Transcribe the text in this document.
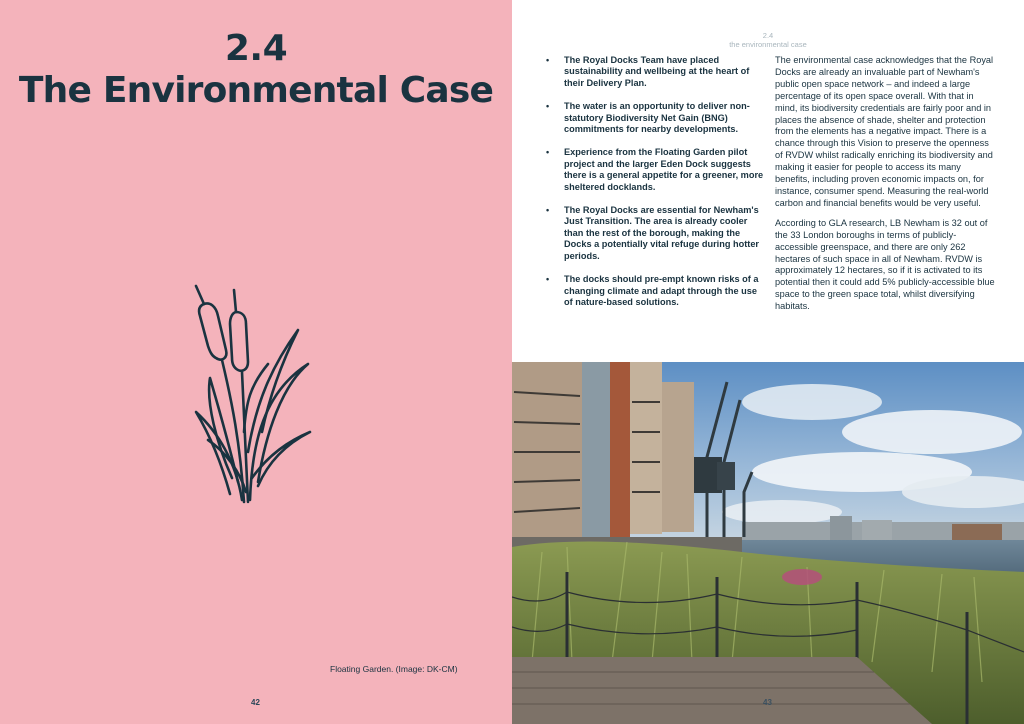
2.4
The Environmental Case
Floating Garden. (Image: DK-CM)
42
2.4
the environmental case
• The Royal Docks Team have placed sustainability and wellbeing at the heart of their Delivery Plan.
• The water is an opportunity to deliver non-statutory Biodiversity Net Gain (BNG) commitments for nearby developments.
• Experience from the Floating Garden pilot project and the larger Eden Dock suggests there is a general appetite for a greener, more sheltered docklands.
• The Royal Docks are essential for Newham's Just Transition. The area is already cooler than the rest of the borough, making the Docks a potentially vital refuge during hotter periods.
• The docks should pre-empt known risks of a changing climate and adapt through the use of nature-based solutions.

The environmental case acknowledges that the Royal Docks are already an invaluable part of Newham's public open space network – and indeed a large percentage of its open space overall. With that in mind, its biodiversity credentials are fairly poor and in places the absence of shade, shelter and protection from the elements has a negative impact. There is a chance through this Vision to preserve the openness of RVDW whilst radically enriching its biodiversity and making it easier for people to access its many benefits, including proven economic impacts on, for instance, consumer spend. Measuring the real-world carbon and financial benefits would be very useful.

According to GLA research, LB Newham is 32 out of the 33 London boroughs in terms of publicly-accessible greenspace, and there are only 262 hectares of such space in all of Newham. RVDW is approximately 12 hectares, so if it is activated to its potential then it could add 5% publicly-accessible blue space to the green space total, whilst diversifying habitats.

43
